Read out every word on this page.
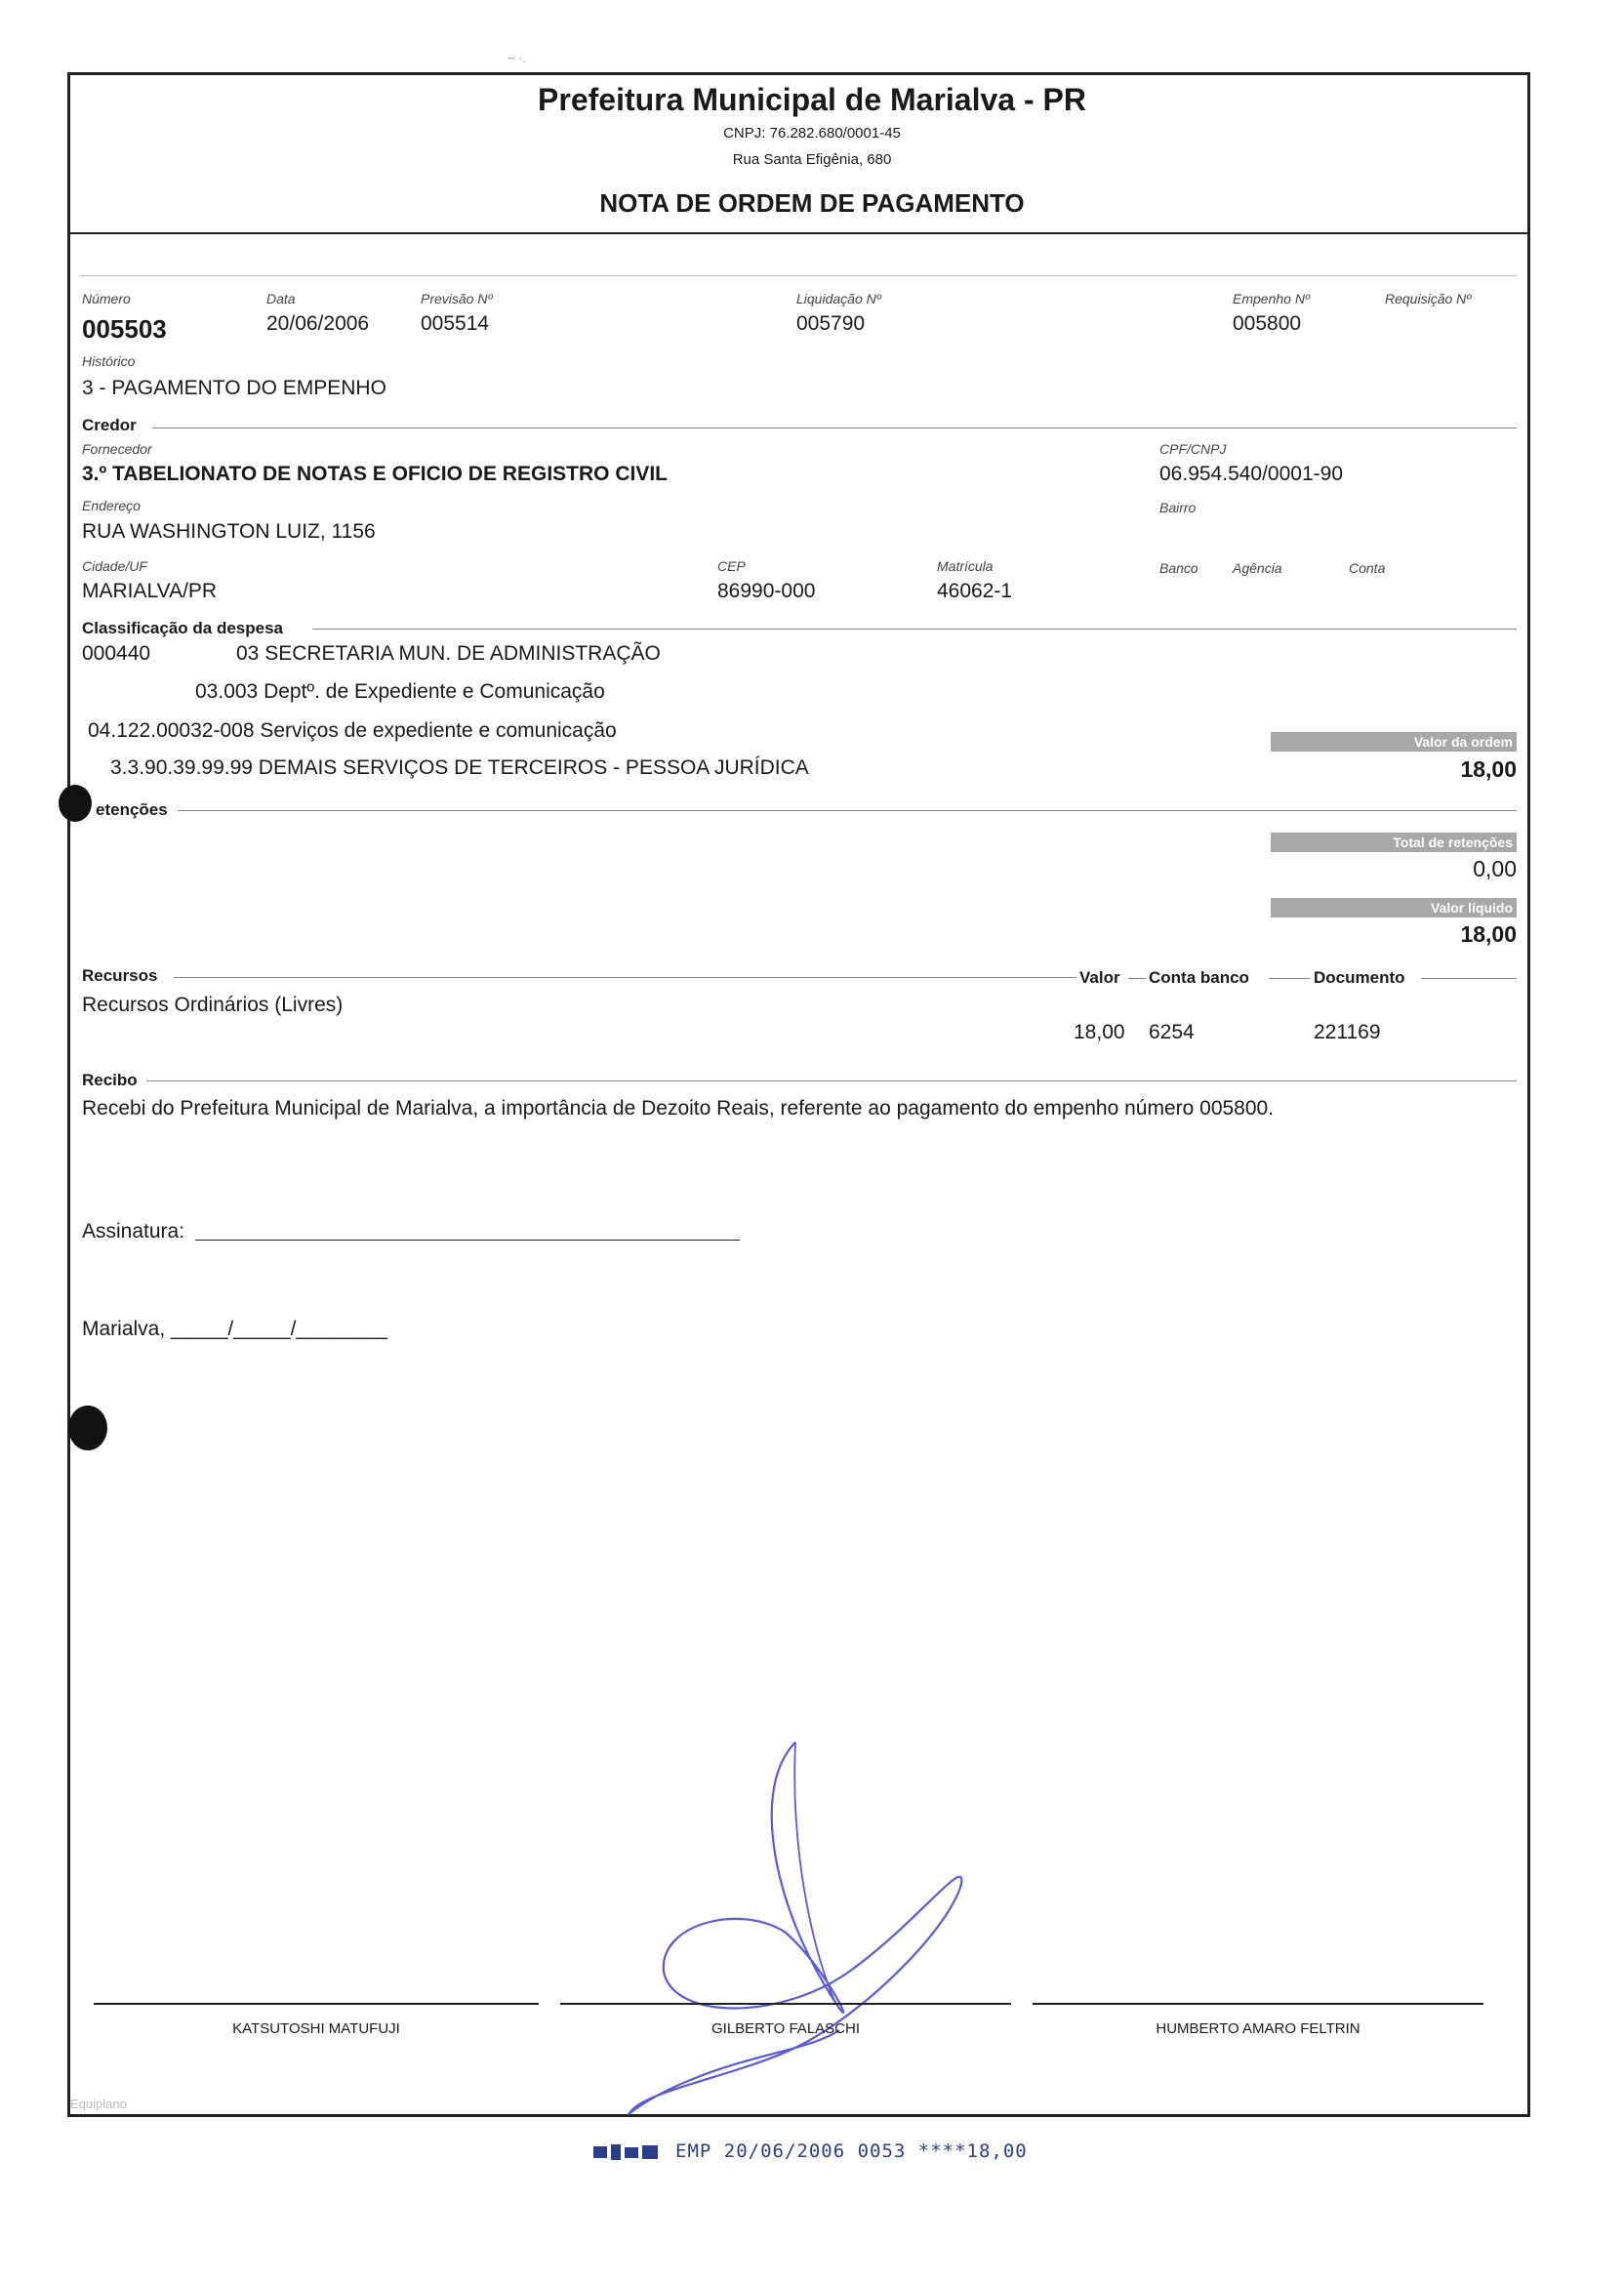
~ ·.
Prefeitura Municipal de Marialva - PR
CNPJ: 76.282.680/0001-45
Rua Santa Efigênia, 680
NOTA DE ORDEM DE PAGAMENTO
Número
005503
Data
20/06/2006
Previsão Nº
005514
Liquidação Nº
005790
Empenho Nº
005800
Requisição Nº
Histórico
3 - PAGAMENTO DO EMPENHO
Credor
Fornecedor
3.º TABELIONATO DE NOTAS E OFICIO DE REGISTRO CIVIL
CPF/CNPJ
06.954.540/0001-90
Endereço
RUA WASHINGTON LUIZ, 1156
Bairro
Cidade/UF
MARIALVA/PR
CEP
86990-000
Matrícula
46062-1
Banco	Agência	Conta
Classificação da despesa
000440	03 SECRETARIA MUN. DE ADMINISTRAÇÃO
03.003 Deptº. de Expediente e Comunicação
04.122.00032-008 Serviços de expediente e comunicação
3.3.90.39.99.99 DEMAIS SERVIÇOS DE TERCEIROS - PESSOA JURÍDICA
Valor da ordem
18,00
etenções
Total de retenções
0,00
Valor líquido
18,00
Recursos	Valor Conta banco	Documento
Recursos Ordinários (Livres)
18,00 6254	221169
Recibo
Recebi do Prefeitura Municipal de Marialva, a importância de Dezoito Reais, referente ao pagamento do empenho número 005800.
Assinatura:
Marialva, _____/_____/________
KATSUTOSHI MATUFUJI	GILBERTO FALASCHI	HUMBERTO AMARO FELTRIN
Equiplano
EMP 20/06/2006 0053 ****18,00
